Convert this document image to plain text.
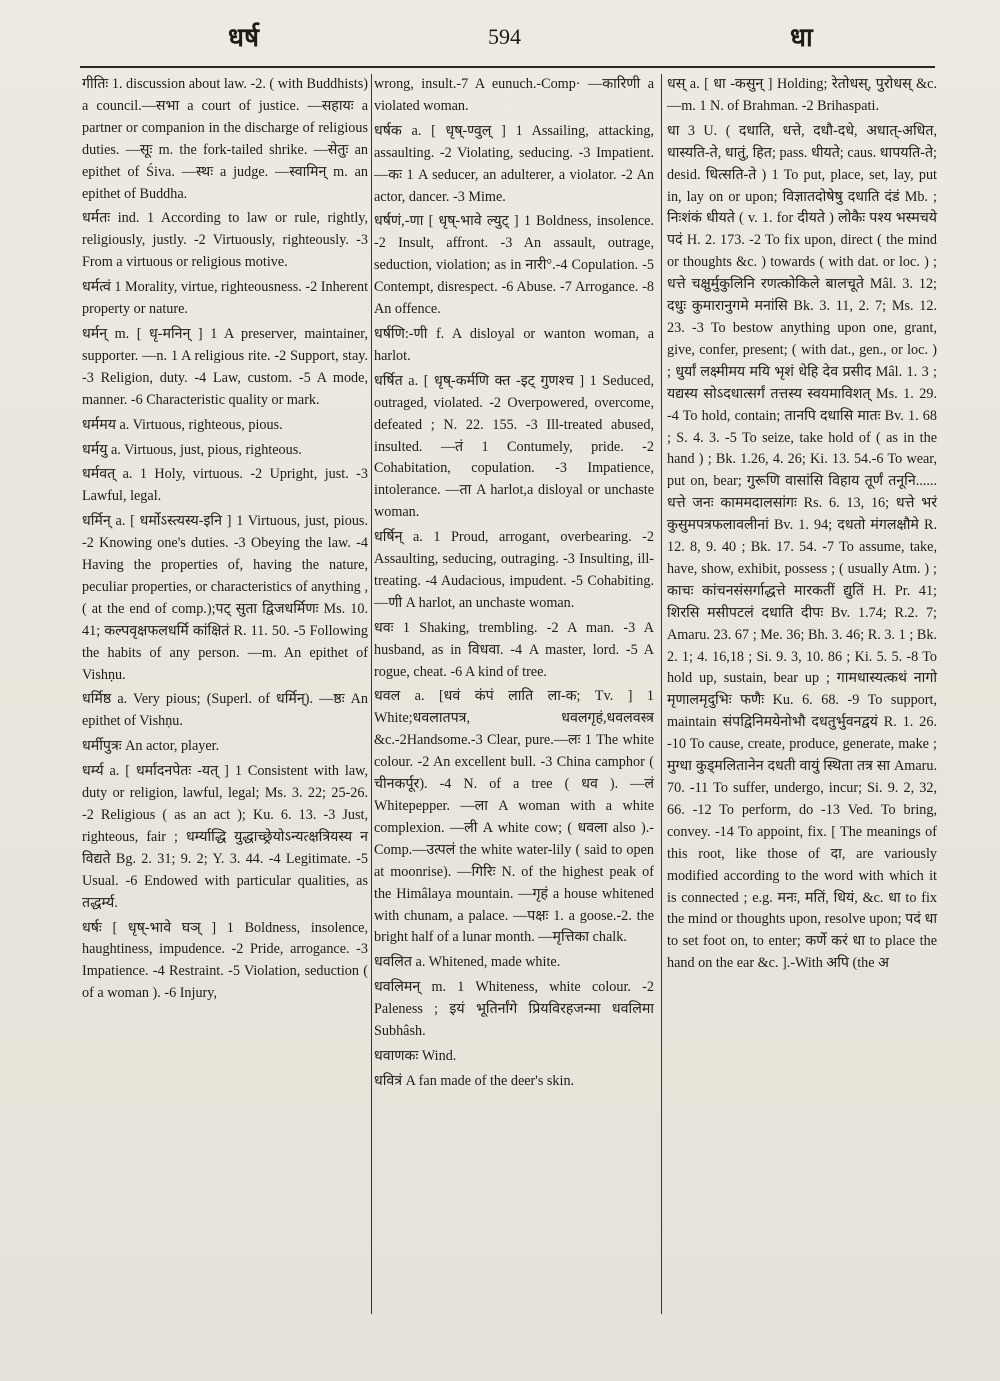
धर्ष	594	धा

गीतिः 1. discussion about law. -2. ( with Buddhists) a council.—सभा a court of justice. —सहायः a partner or companion in the discharge of religious duties. —सूः m. the fork-tailed shrike. —सेतुः an epithet of Śiva. —स्थः a judge. —स्वामिन् m. an epithet of Buddha.

धर्मतः ind. 1 According to law or rule, rightly, religiously, justly. -2 Virtuously, righteously. -3 From a virtuous or religious motive.

धर्मत्वं 1 Morality, virtue, righteousness. -2 Inherent property or nature.

धर्मन् m. [ धृ-मनिन् ] 1 A preserver, maintainer, supporter. —n. 1 A religious rite. -2 Support, stay. -3 Religion, duty. -4 Law, custom. -5 A mode, manner. -6 Characteristic quality or mark.

धर्ममय a. Virtuous, righteous, pious.

धर्मयु a. Virtuous, just, pious, righteous.

धर्मवत् a. 1 Holy, virtuous. -2 Upright, just. -3 Lawful, legal.

धर्मिन् a. [ धर्मोऽस्त्यस्य-इनि ] 1 Virtuous, just, pious. -2 Knowing one's duties. -3 Obeying the law. -4 Having the properties of, having the nature, peculiar properties, or characteristics of anything , ( at the end of comp.);पट् सुता द्विजधर्मिणः Ms. 10. 41; कल्पवृक्षफलधर्मि कांक्षितं R. 11. 50. -5 Following the habits of any person. —m. An epithet of Vishṇu.

धर्मिष्ठ a. Very pious; (Superl. of धर्मिन्). —ष्ठः An epithet of Vishṇu.

धर्मीपुत्रः An actor, player.

धर्म्य a. [ धर्मादनपेतः -यत् ] 1 Consistent with law, duty or religion, lawful, legal; Ms. 3. 22; 25-26. -2 Religious ( as an act ); Ku. 6. 13. -3 Just, righteous, fair ; धर्म्याद्धि युद्धाच्छ्रेयोऽन्यत्क्षत्रियस्य न विद्यते Bg. 2. 31; 9. 2; Y. 3. 44. -4 Legitimate. -5 Usual. -6 Endowed with particular qualities, as तद्धर्म्य.

धर्षः [ धृष्-भावे घञ् ] 1 Boldness, insolence, haughtiness, impudence. -2 Pride, arrogance. -3 Impatience. -4 Restraint. -5 Violation, seduction ( of a woman ). -6 Injury,

wrong, insult.-7 A eunuch.-Comp· —कारिणी a violated woman.

धर्षक a. [ धृष्-ण्वुल् ] 1 Assailing, attacking, assaulting. -2 Violating, seducing. -3 Impatient. —कः 1 A seducer, an adulterer, a violator. -2 An actor, dancer. -3 Mime.

धर्षणं,-णा [ धृष्-भावे ल्युट् ] 1 Boldness, insolence. -2 Insult, affront. -3 An assault, outrage, seduction, violation; as in नारी°.-4 Copulation. -5 Contempt, disrespect. -6 Abuse. -7 Arrogance. -8 An offence.

धर्षणि:-णी f. A disloyal or wanton woman, a harlot.

धर्षित a. [ धृष्-कर्मणि क्त -इट् गुणश्च ] 1 Seduced, outraged, violated. -2 Overpowered, overcome, defeated ; N. 22. 155. -3 Ill-treated abused, insulted. —तं 1 Contumely, pride. -2 Cohabitation, copulation. -3 Impatience, intolerance. —ता A harlot,a disloyal or unchaste woman.

धर्षिन् a. 1 Proud, arrogant, overbearing. -2 Assaulting, seducing, outraging. -3 Insulting, ill-treating. -4 Audacious, impudent. -5 Cohabiting. —णी A harlot, an unchaste woman.

धवः 1 Shaking, trembling. -2 A man. -3 A husband, as in विधवा. -4 A master, lord. -5 A rogue, cheat. -6 A kind of tree.

धवल a. [धवं कंपं लाति ला-क; Tv. ] 1 White;धवलातपत्र, धवलगृहं,धवलवस्त्र &c.-2Handsome.-3 Clear, pure.—लः 1 The white colour. -2 An excellent bull. -3 China camphor ( चीनकर्पूर). -4 N. of a tree ( धव ). —लं Whitepepper. —ला A woman with a white complexion. —ली A white cow; ( धवला also ).-Comp.—उत्पलं the white water-lily ( said to open at moonrise). —गिरिः N. of the highest peak of the Himâlaya mountain. —गृहं a house whitened with chunam, a palace. —पक्षः 1. a goose.-2. the bright half of a lunar month. —मृत्तिका chalk.

धवलित a. Whitened, made white.

धवलिमन् m. 1 Whiteness, white colour. -2 Paleness ; इयं भूतिर्नांगे प्रियविरहजन्मा धवलिमा Subhâsh.

धवाणकः Wind.

धवित्रं A fan made of the deer's skin.

धस् a. [ धा -कसुन् ] Holding; रेतोधस्, पुरोधस् &c. —m. 1 N. of Brahman. -2 Brihaspati.

धा 3 U. ( दधाति, धत्ते, दधौ-दधे, अधात्-अधित, धास्यति-ते, धातुं, हित; pass. धीयते; caus. धापयति-ते; desid. धित्सति-ते ) 1 To put, place, set, lay, put in, lay on or upon; विज्ञातदोषेषु दधाति दंडं Mb. ; निःशंकं धीयते ( v. 1. for दीयते ) लोकैः पश्य भस्मचये पदं H. 2. 173. -2 To fix upon, direct ( the mind or thoughts &c. ) towards ( with dat. or loc. ) ; धत्ते चक्षुर्मुकुलिनि रणत्कोकिले बालचूते Mâl. 3. 12; दधुः कुमारानुगमे मनांसि Bk. 3. 11, 2. 7; Ms. 12. 23. -3 To bestow anything upon one, grant, give, confer, present; ( with dat., gen., or loc. ) ; धुर्यां लक्ष्मीमय मयि भृशं धेहि देव प्रसीद Mâl. 1. 3 ; यद्यस्य सोऽदधात्सर्गं तत्तस्य स्वयमाविशत् Ms. 1. 29. -4 To hold, contain; तानपि दधासि मातः Bv. 1. 68 ; S. 4. 3. -5 To seize, take hold of ( as in the hand ) ; Bk. 1.26, 4. 26; Ki. 13. 54.-6 To wear, put on, bear; गुरूणि वासांसि विहाय तूर्णं तनूनि...... धत्ते जनः काममदालसांगः Rs. 6. 13, 16; धत्ते भरं कुसुमपत्रफलावलीनां Bv. 1. 94; दधतो मंगलक्षौमे R. 12. 8, 9. 40 ; Bk. 17. 54. -7 To assume, take, have, show, exhibit, possess ; ( usually Atm. ) ; काचः कांचनसंसर्गाद्धत्ते मारकतीं द्युतिं H. Pr. 41; शिरसि मसीपटलं दधाति दीपः Bv. 1.74; R.2. 7; Amaru. 23. 67 ; Me. 36; Bh. 3. 46; R. 3. 1 ; Bk. 2. 1; 4. 16,18 ; Si. 9. 3, 10. 86 ; Ki. 5. 5. -8 To hold up, sustain, bear up ; गामधास्यत्कथं नागो मृणालमृदुभिः फणैः Ku. 6. 68. -9 To support, maintain संपद्विनिमयेनोभौ दधतुर्भुवनद्वयं R. 1. 26. -10 To cause, create, produce, generate, make ; मुग्धा कुड्मलितानेन दधती वायुं स्थिता तत्र सा Amaru. 70. -11 To suffer, undergo, incur; Si. 9. 2, 32, 66. -12 To perform, do -13 Ved. To bring, convey. -14 To appoint, fix. [ The meanings of this root, like those of दा, are variously modified according to the word with which it is connected ; e.g. मनः, मतिं, धियं, &c. धा to fix the mind or thoughts upon, resolve upon; पदं धा to set foot on, to enter; कर्णे करं धा to place the hand on the ear &c. ].-With अपि (the अ
